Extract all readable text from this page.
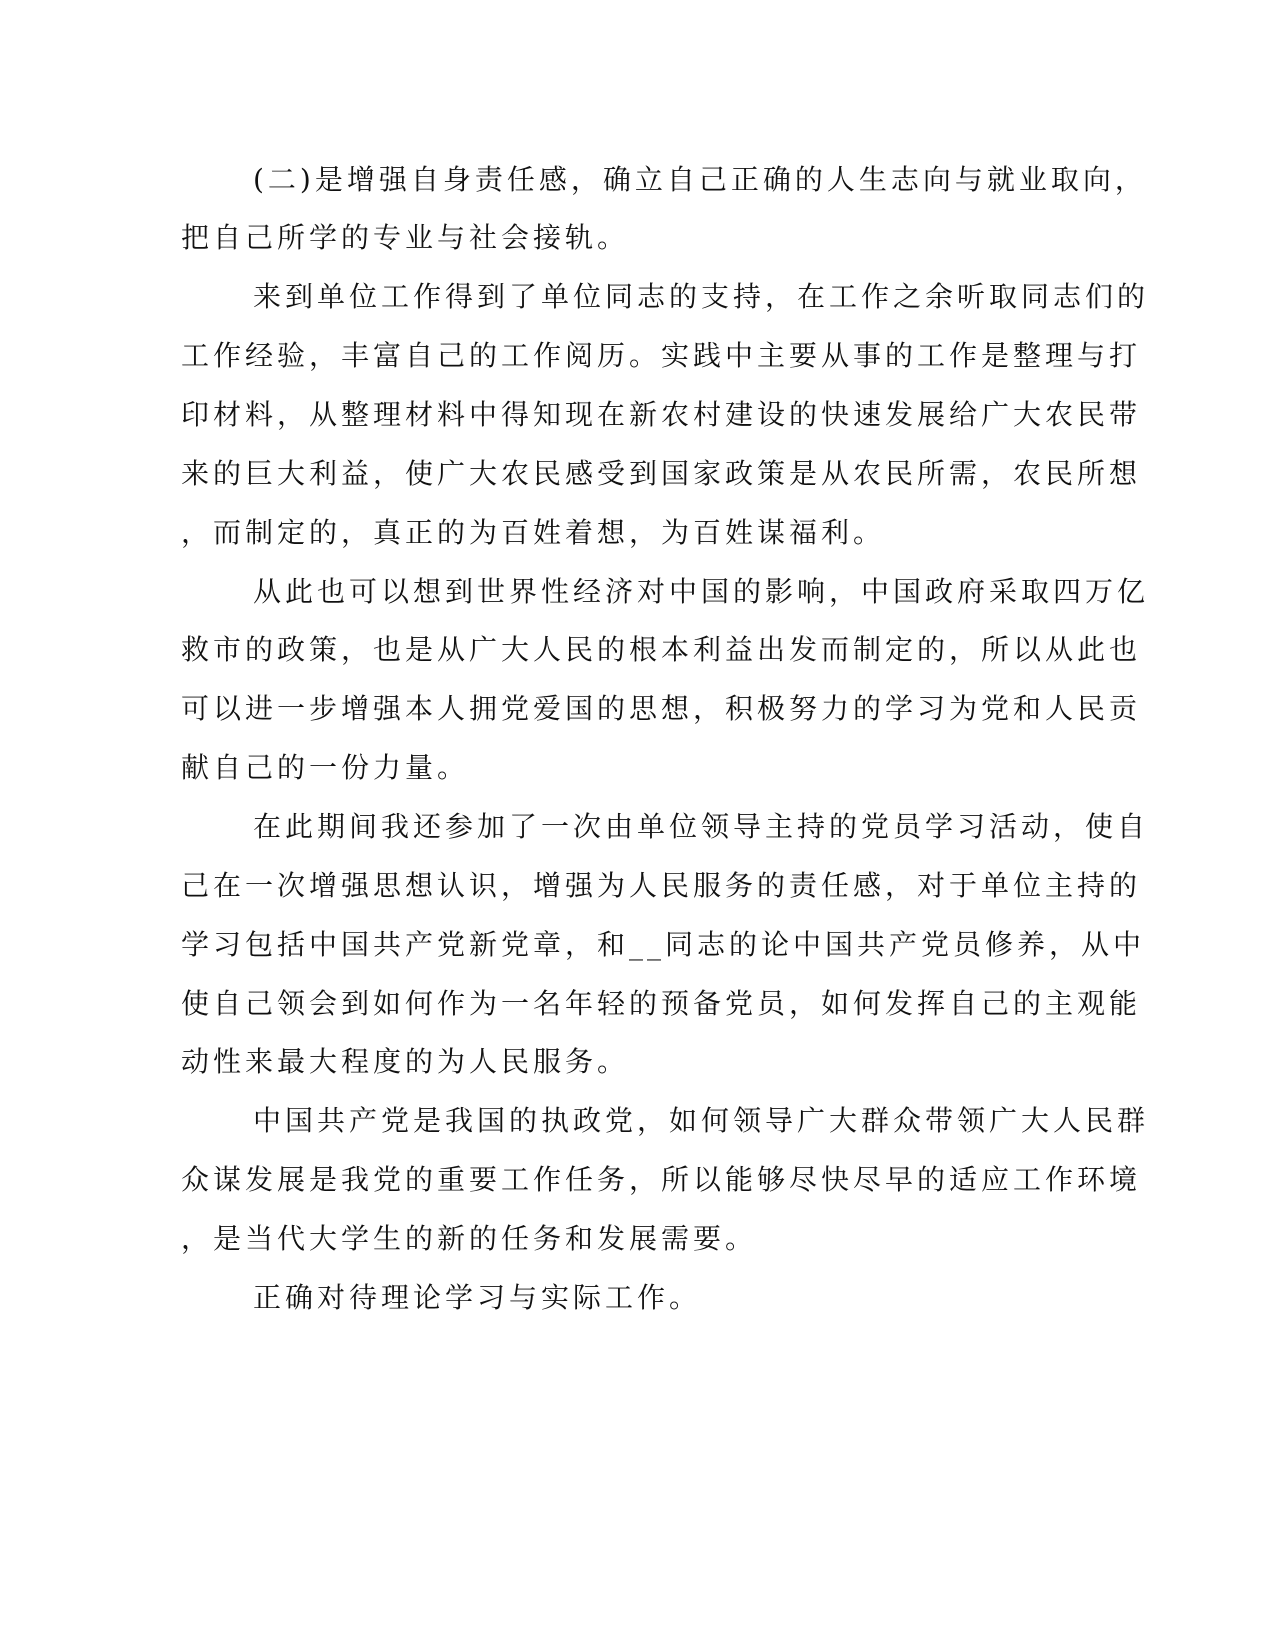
(二)是增强自身责任感，确立自己正确的人生志向与就业取向，
把自己所学的专业与社会接轨。
来到单位工作得到了单位同志的支持，在工作之余听取同志们的
工作经验，丰富自己的工作阅历。实践中主要从事的工作是整理与打
印材料，从整理材料中得知现在新农村建设的快速发展给广大农民带
来的巨大利益，使广大农民感受到国家政策是从农民所需，农民所想
，而制定的，真正的为百姓着想，为百姓谋福利。
从此也可以想到世界性经济对中国的影响，中国政府采取四万亿
救市的政策，也是从广大人民的根本利益出发而制定的，所以从此也
可以进一步增强本人拥党爱国的思想，积极努力的学习为党和人民贡
献自己的一份力量。
在此期间我还参加了一次由单位领导主持的党员学习活动，使自
己在一次增强思想认识，增强为人民服务的责任感，对于单位主持的
学习包括中国共产党新党章，和__同志的论中国共产党员修养，从中
使自己领会到如何作为一名年轻的预备党员，如何发挥自己的主观能
动性来最大程度的为人民服务。
中国共产党是我国的执政党，如何领导广大群众带领广大人民群
众谋发展是我党的重要工作任务，所以能够尽快尽早的适应工作环境
，是当代大学生的新的任务和发展需要。
正确对待理论学习与实际工作。
